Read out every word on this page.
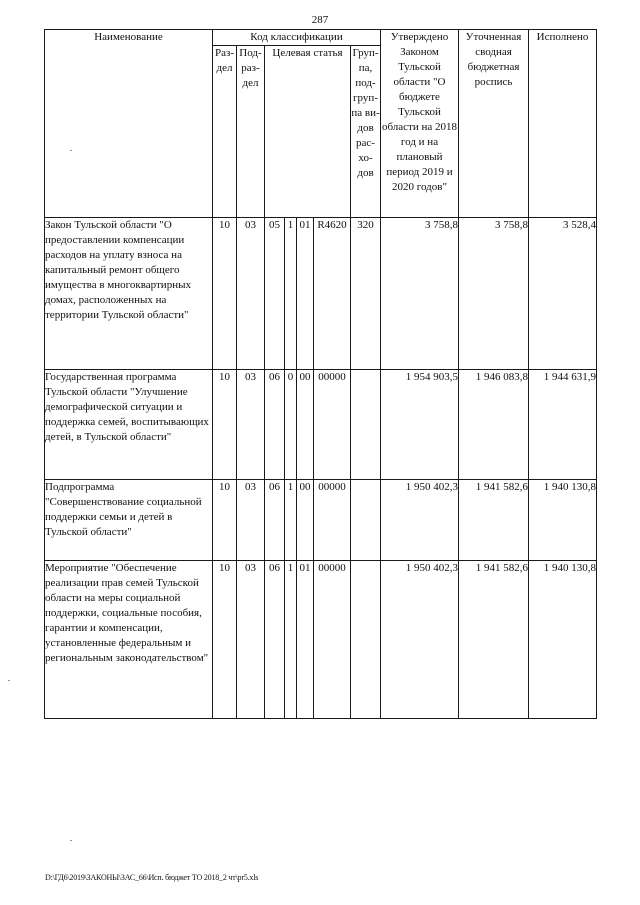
287
Наименование	Код классификации							Утверждено Законом Тульской области "О бюджете Тульской области на 2018 год и на плановый период 2019 и 2020 годов"	Уточненная сводная бюджетная роспись	Исполнено
	Раз-дел	Под-раз-дел	Целевая статья				Груп-па, под-груп-па ви-дов рас-хо-дов			
Закон Тульской области "О предоставлении компенсации расходов на уплату взноса на капитальный ремонт общего имущества в многоквартирных домах, расположенных на территории Тульской области"	10	03	05	1	01	R4620	320	3 758,8	3 758,8	3 528,4
Государственная программа Тульской области "Улучшение демографической ситуации и поддержка семей, воспитывающих детей, в Тульской области"	10	03	06	0	00	00000		1 954 903,5	1 946 083,8	1 944 631,9
Подпрограмма "Совершенствование социальной поддержки семьи и детей в Тульской области"	10	03	06	1	00	00000		1 950 402,3	1 941 582,6	1 940 130,8
Мероприятие "Обеспечение реализации прав семей Тульской области на меры социальной поддержки, социальные пособия, гарантии и компенсации, установленные федеральным и региональным законодательством"	10	03	06	1	01	00000		1 950 402,3	1 941 582,6	1 940 130,8
D:\ГД6\2019\ЗАКОНЫ\ЗАС_66\Исп. бюджет ТО 2018_2 чт\pr5.xls
